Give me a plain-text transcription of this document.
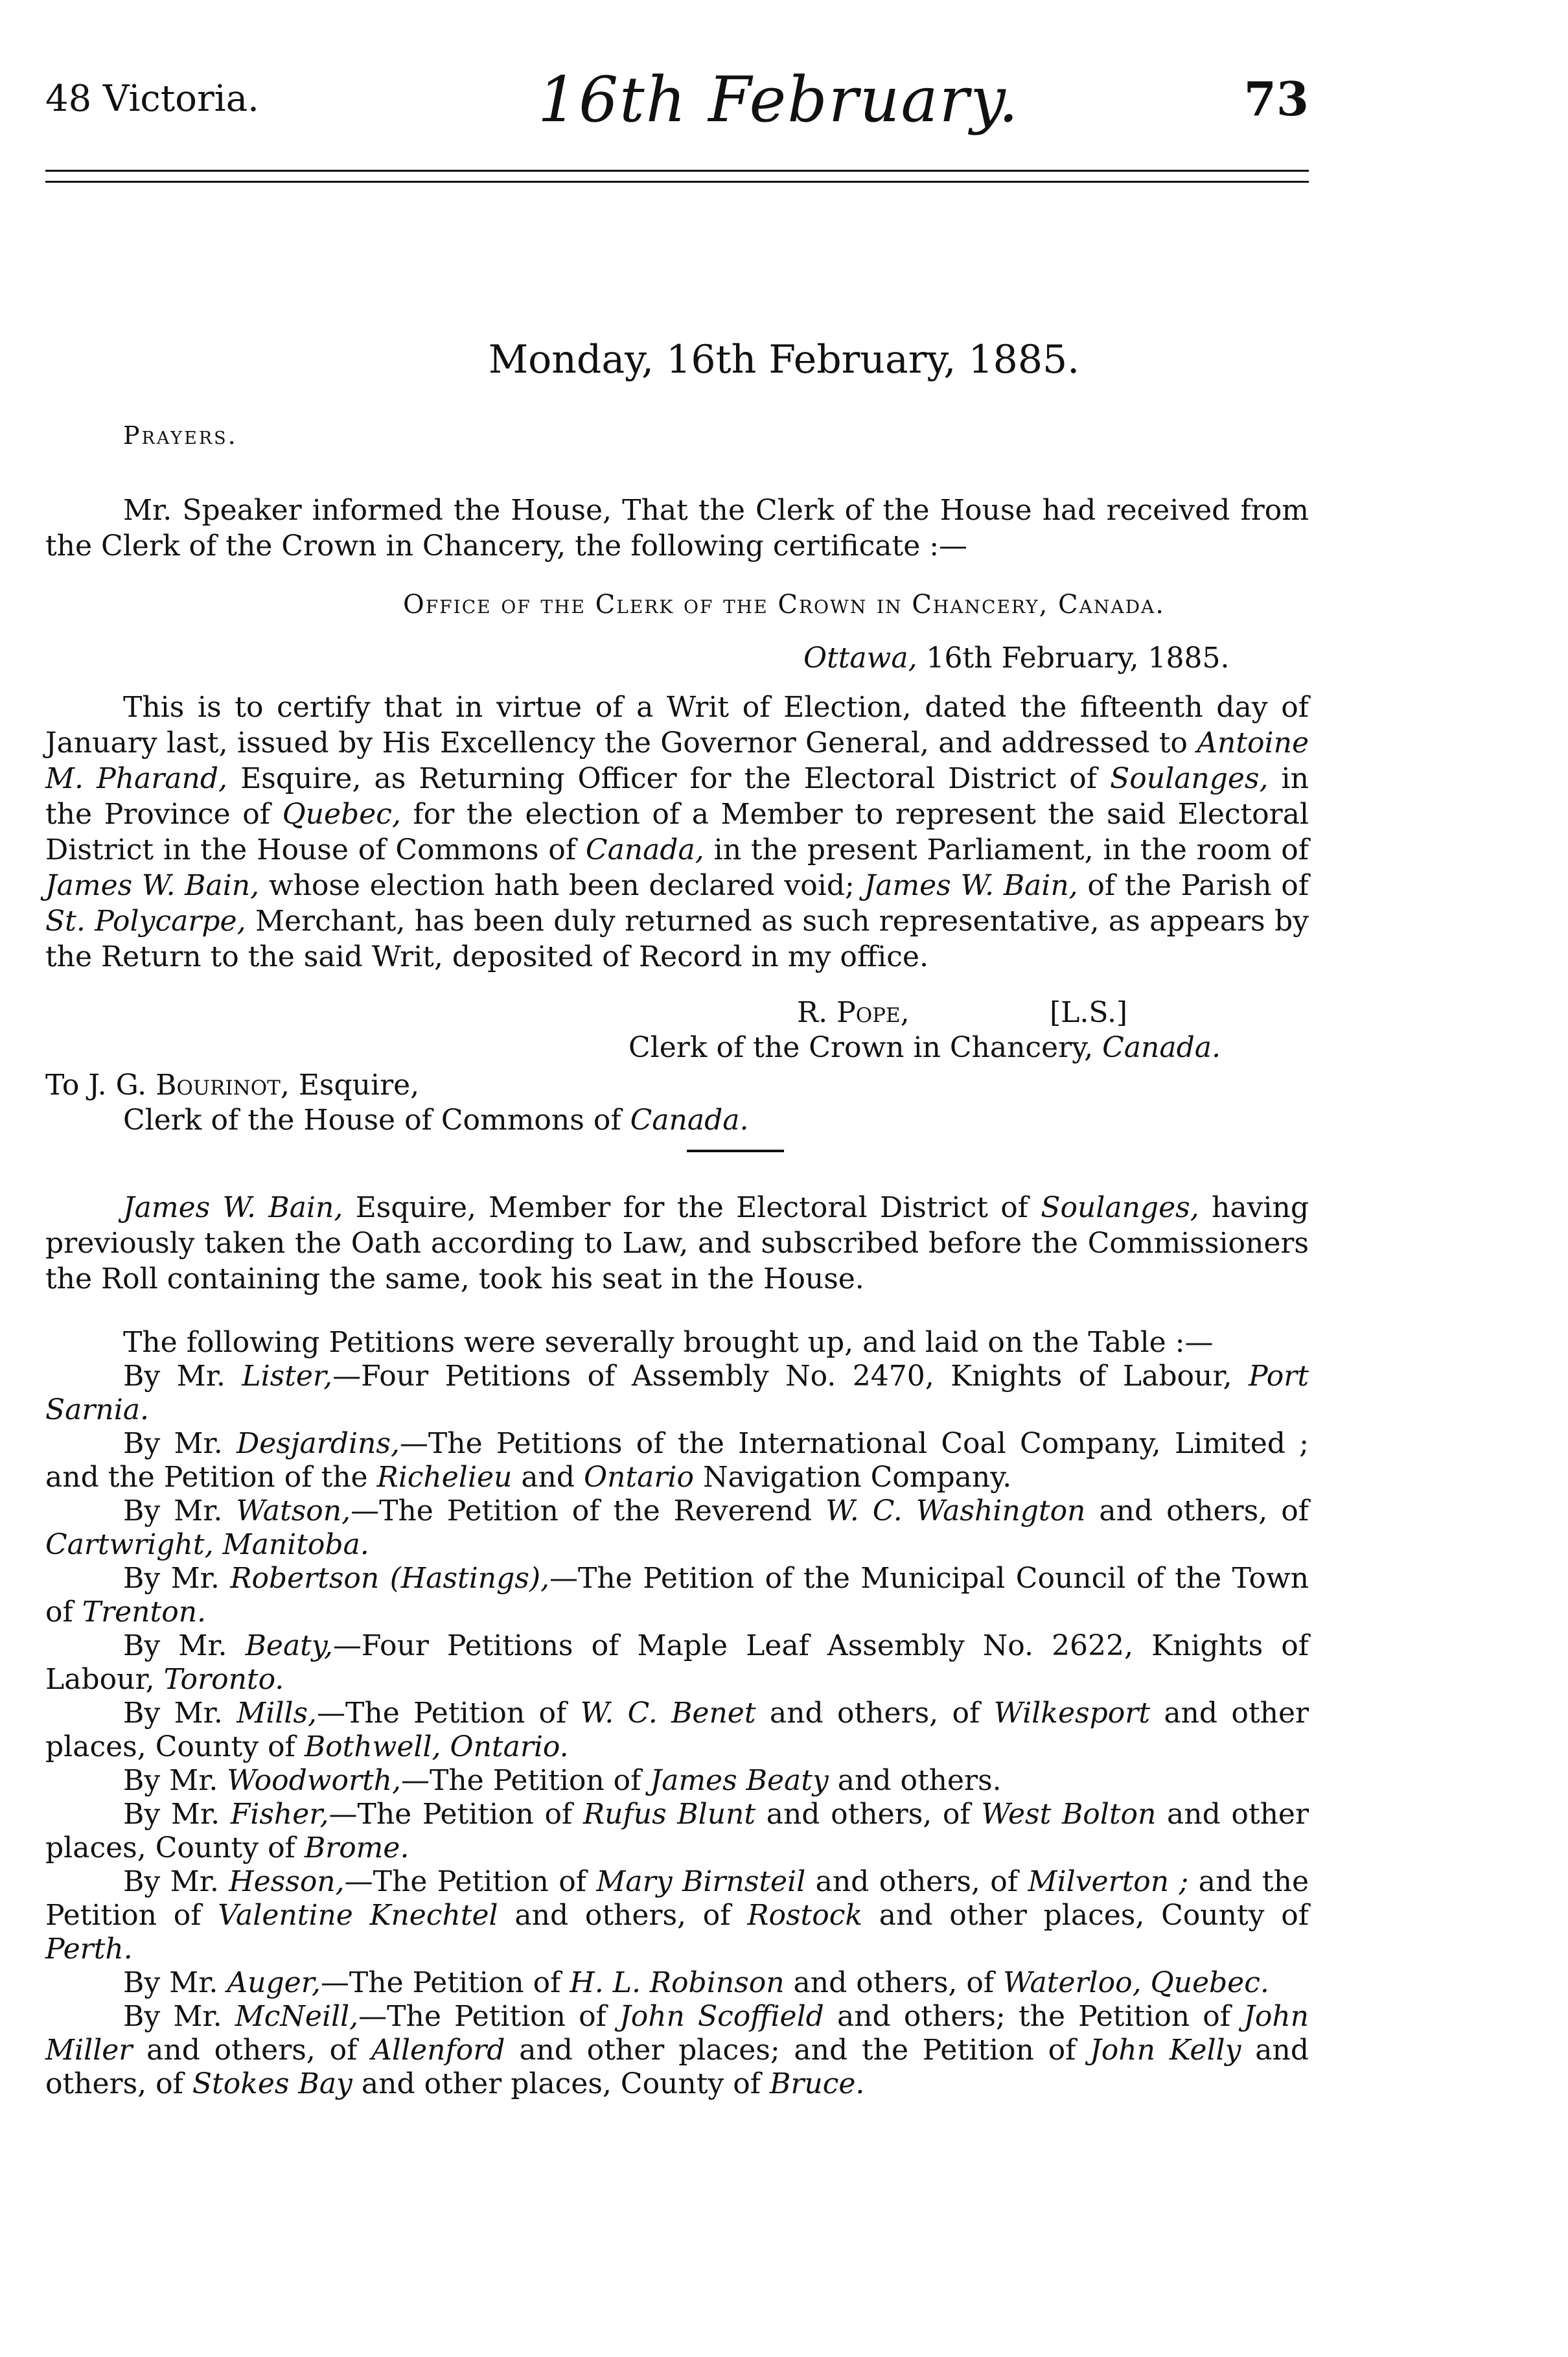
48 Victoria.	16th February.	73
Monday, 16th February, 1885.
Prayers.
Mr. Speaker informed the House, That the Clerk of the House had received from the Clerk of the Crown in Chancery, the following certificate :—
Office of the Clerk of the Crown in Chancery, Canada.
Ottawa, 16th February, 1885.
This is to certify that in virtue of a Writ of Election, dated the fifteenth day of January last, issued by His Excellency the Governor General, and addressed to Antoine M. Pharand, Esquire, as Returning Officer for the Electoral District of Soulanges, in the Province of Quebec, for the election of a Member to represent the said Electoral District in the House of Commons of Canada, in the present Parliament, in the room of James W. Bain, whose election hath been declared void; James W. Bain, of the Parish of St. Polycarpe, Merchant, has been duly returned as such representative, as appears by the Return to the said Writ, deposited of Record in my office.
R. Pope,	[L.S.]
Clerk of the Crown in Chancery, Canada.
To J. G. Bourinot, Esquire,
Clerk of the House of Commons of Canada.
James W. Bain, Esquire, Member for the Electoral District of Soulanges, having previously taken the Oath according to Law, and subscribed before the Commissioners the Roll containing the same, took his seat in the House.
The following Petitions were severally brought up, and laid on the Table :—

By Mr. Lister,—Four Petitions of Assembly No. 2470, Knights of Labour, Port Sarnia.

By Mr. Desjardins,—The Petitions of the International Coal Company, Limited ; and the Petition of the Richelieu and Ontario Navigation Company.

By Mr. Watson,—The Petition of the Reverend W. C. Washington and others, of Cartwright, Manitoba.

By Mr. Robertson (Hastings),—The Petition of the Municipal Council of the Town of Trenton.

By Mr. Beaty,—Four Petitions of Maple Leaf Assembly No. 2622, Knights of Labour, Toronto.

By Mr. Mills,—The Petition of W. C. Benet and others, of Wilkesport and other places, County of Bothwell, Ontario.

By Mr. Woodworth,—The Petition of James Beaty and others.

By Mr. Fisher,—The Petition of Rufus Blunt and others, of West Bolton and other places, County of Brome.

By Mr. Hesson,—The Petition of Mary Birnsteil and others, of Milverton ; and the Petition of Valentine Knechtel and others, of Rostock and other places, County of Perth.

By Mr. Auger,—The Petition of H. L. Robinson and others, of Waterloo, Quebec.

By Mr. McNeill,—The Petition of John Scoffield and others; the Petition of John Miller and others, of Allenford and other places; and the Petition of John Kelly and others, of Stokes Bay and other places, County of Bruce.
